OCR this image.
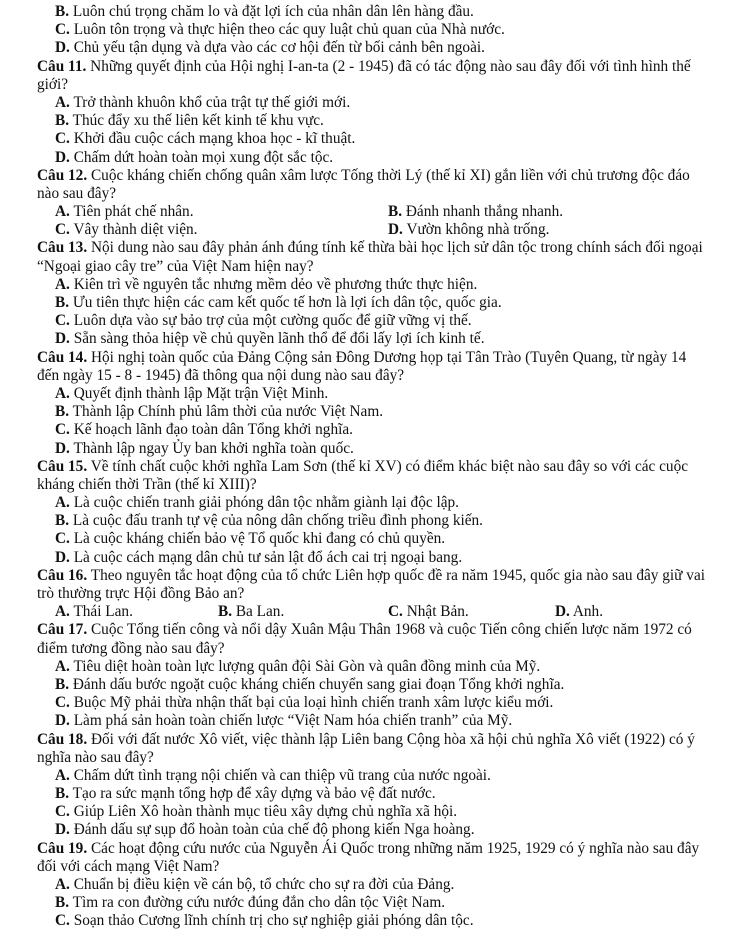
B. Luôn chú trọng chăm lo và đặt lợi ích của nhân dân lên hàng đầu.
C. Luôn tôn trọng và thực hiện theo các quy luật chủ quan của Nhà nước.
D. Chủ yếu tận dụng và dựa vào các cơ hội đến từ bối cảnh bên ngoài.
Câu 11. Những quyết định của Hội nghị I-an-ta (2 - 1945) đã có tác động nào sau đây đối với tình hình thế
giới?
A. Trở thành khuôn khổ của trật tự thế giới mới.
B. Thúc đẩy xu thế liên kết kinh tế khu vực.
C. Khởi đầu cuộc cách mạng khoa học - kĩ thuật.
D. Chấm dứt hoàn toàn mọi xung đột sắc tộc.
Câu 12. Cuộc kháng chiến chống quân xâm lược Tống thời Lý (thế kỉ XI) gắn liền với chủ trương độc đáo
nào sau đây?
A. Tiên phát chế nhân.	B. Đánh nhanh thắng nhanh.
C. Vây thành diệt viện.	D. Vườn không nhà trống.
Câu 13. Nội dung nào sau đây phản ánh đúng tính kế thừa bài học lịch sử dân tộc trong chính sách đối ngoại
“Ngoại giao cây tre” của Việt Nam hiện nay?
A. Kiên trì về nguyên tắc nhưng mềm dẻo về phương thức thực hiện.
B. Ưu tiên thực hiện các cam kết quốc tế hơn là lợi ích dân tộc, quốc gia.
C. Luôn dựa vào sự bảo trợ của một cường quốc để giữ vững vị thế.
D. Sẵn sàng thỏa hiệp về chủ quyền lãnh thổ để đổi lấy lợi ích kinh tế.
Câu 14. Hội nghị toàn quốc của Đảng Cộng sản Đông Dương họp tại Tân Trào (Tuyên Quang, từ ngày 14
đến ngày 15 - 8 - 1945) đã thông qua nội dung nào sau đây?
A. Quyết định thành lập Mặt trận Việt Minh.
B. Thành lập Chính phủ lâm thời của nước Việt Nam.
C. Kế hoạch lãnh đạo toàn dân Tổng khởi nghĩa.
D. Thành lập ngay Ủy ban khởi nghĩa toàn quốc.
Câu 15. Về tính chất cuộc khởi nghĩa Lam Sơn (thế kỉ XV) có điểm khác biệt nào sau đây so với các cuộc
kháng chiến thời Trần (thế kỉ XIII)?
A. Là cuộc chiến tranh giải phóng dân tộc nhằm giành lại độc lập.
B. Là cuộc đấu tranh tự vệ của nông dân chống triều đình phong kiến.
C. Là cuộc kháng chiến bảo vệ Tổ quốc khi đang có chủ quyền.
D. Là cuộc cách mạng dân chủ tư sản lật đổ ách cai trị ngoại bang.
Câu 16. Theo nguyên tắc hoạt động của tổ chức Liên hợp quốc đề ra năm 1945, quốc gia nào sau đây giữ vai
trò thường trực Hội đồng Bảo an?
A. Thái Lan.	B. Ba Lan.	C. Nhật Bản.	D. Anh.
Câu 17. Cuộc Tổng tiến công và nổi dậy Xuân Mậu Thân 1968 và cuộc Tiến công chiến lược năm 1972 có
điểm tương đồng nào sau đây?
A. Tiêu diệt hoàn toàn lực lượng quân đội Sài Gòn và quân đồng minh của Mỹ.
B. Đánh dấu bước ngoặt cuộc kháng chiến chuyển sang giai đoạn Tổng khởi nghĩa.
C. Buộc Mỹ phải thừa nhận thất bại của loại hình chiến tranh xâm lược kiểu mới.
D. Làm phá sản hoàn toàn chiến lược “Việt Nam hóa chiến tranh” của Mỹ.
Câu 18. Đối với đất nước Xô viết, việc thành lập Liên bang Cộng hòa xã hội chủ nghĩa Xô viết (1922) có ý
nghĩa nào sau đây?
A. Chấm dứt tình trạng nội chiến và can thiệp vũ trang của nước ngoài.
B. Tạo ra sức mạnh tổng hợp để xây dựng và bảo vệ đất nước.
C. Giúp Liên Xô hoàn thành mục tiêu xây dựng chủ nghĩa xã hội.
D. Đánh dấu sự sụp đổ hoàn toàn của chế độ phong kiến Nga hoàng.
Câu 19. Các hoạt động cứu nước của Nguyễn Ái Quốc trong những năm 1925, 1929 có ý nghĩa nào sau đây
đối với cách mạng Việt Nam?
A. Chuẩn bị điều kiện về cán bộ, tổ chức cho sự ra đời của Đảng.
B. Tìm ra con đường cứu nước đúng đắn cho dân tộc Việt Nam.
C. Soạn thảo Cương lĩnh chính trị cho sự nghiệp giải phóng dân tộc.
